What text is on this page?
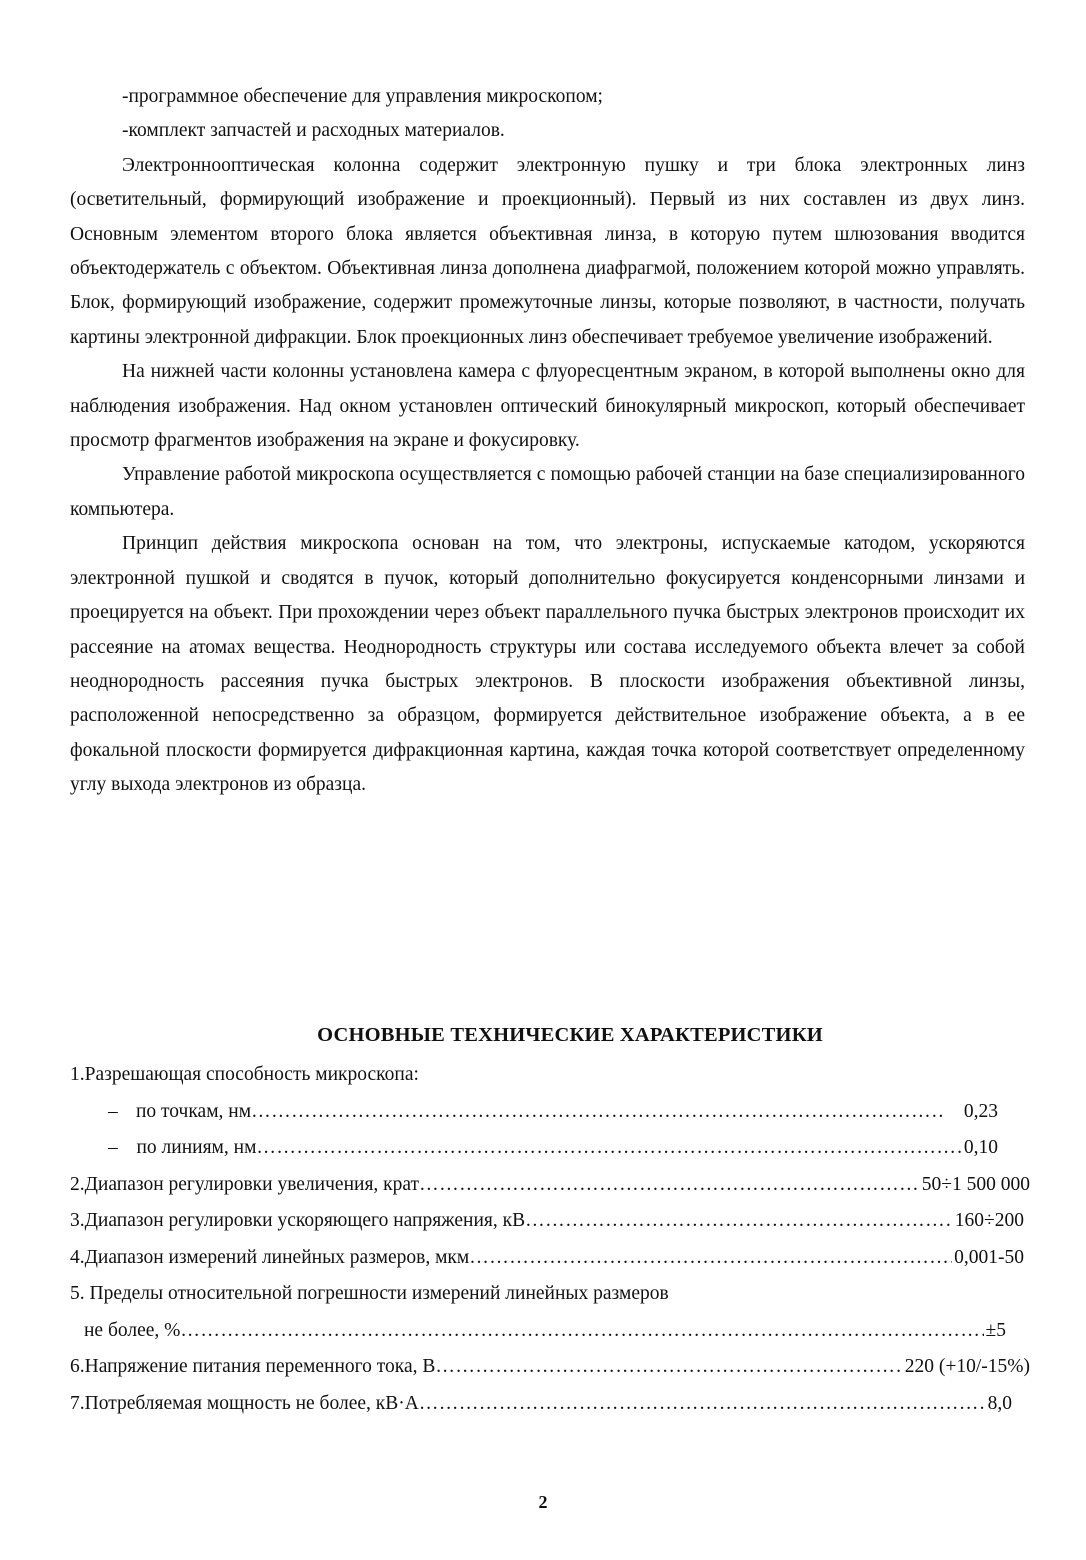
-программное обеспечение для управления микроскопом;

-комплект запчастей и расходных материалов.

Электроннооптическая колонна содержит электронную пушку и три блока электронных линз (осветительный, формирующий изображение и проекционный). Первый из них составлен из двух линз. Основным элементом второго блока является объективная линза, в которую путем шлюзования вводится объектодержатель с объектом. Объективная линза дополнена диафрагмой, положением которой можно управлять. Блок, формирующий изображение, содержит промежуточные линзы, которые позволяют, в частности, получать картины электронной дифракции. Блок проекционных линз обеспечивает требуемое увеличение изображений.

На нижней части колонны установлена камера с флуоресцентным экраном, в которой выполнены окно для наблюдения изображения. Над окном установлен оптический бинокулярный микроскоп, который обеспечивает просмотр фрагментов изображения на экране и фокусировку.

Управление работой микроскопа осуществляется с помощью рабочей станции на базе специализированного компьютера.

Принцип действия микроскопа основан на том, что электроны, испускаемые катодом, ускоряются электронной пушкой и сводятся в пучок, который дополнительно фокусируется конденсорными линзами и проецируется на объект. При прохождении через объект параллельного пучка быстрых электронов происходит их рассеяние на атомах вещества. Неоднородность структуры или состава исследуемого объекта влечет за собой неоднородность рассеяния пучка быстрых электронов. В плоскости изображения объективной линзы, расположенной непосредственно за образцом, формируется действительное изображение объекта, а в ее фокальной плоскости формируется дифракционная картина, каждая точка которой соответствует определенному углу выхода электронов из образца.

ОСНОВНЫЕ ТЕХНИЧЕСКИЕ ХАРАКТЕРИСТИКИ
1.Разрешающая способность микроскопа:
– по точкам, нм …………………………………………………………………………………………………………………………………………	0,23
– по линиям, нм …………………………………………………………………………………………………………………………………………	0,10
2.Диапазон регулировки увеличения, крат …………………………………………………………………………………………………………………………………………	50÷1 500 000
3.Диапазон регулировки ускоряющего напряжения, кВ …………………………………………………………………………………………………………………………………………	160÷200
4.Диапазон измерений линейных размеров, мкм …………………………………………………………………………………………………………………………………………	0,001-50
5. Пределы относительной погрешности измерений линейных размеров
не более, % …………………………………………………………………………………………………………………………………………	±5
6.Напряжение питания переменного тока, В …………………………………………………………………………………………………………………………………………	220 (+10/-15%)
7.Потребляемая мощность не более, кВ·А …………………………………………………………………………………………………………………………………………	8,0
2
